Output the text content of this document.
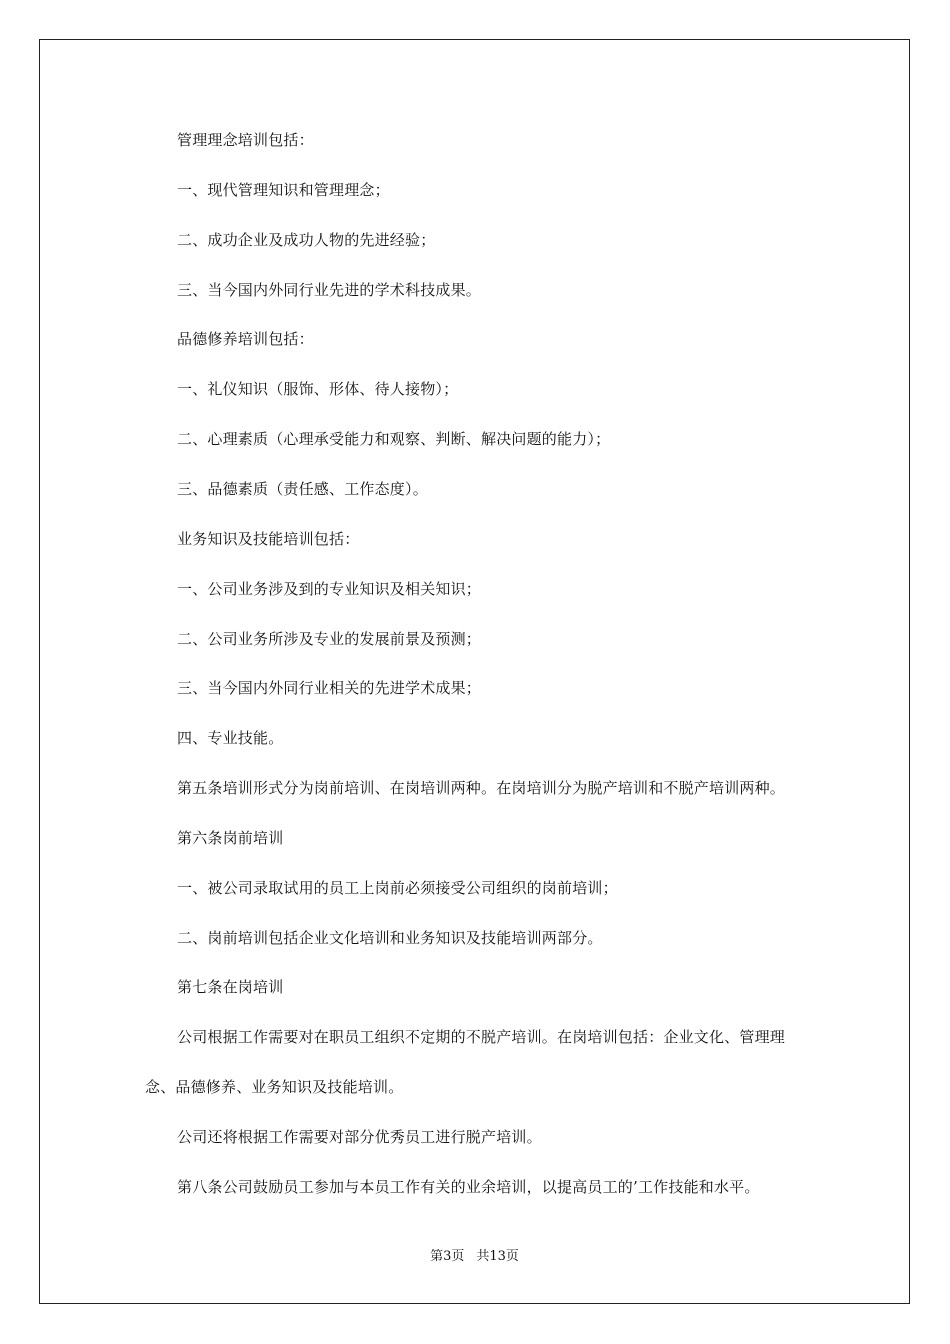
管理理念培训包括：
一、现代管理知识和管理理念；
二、成功企业及成功人物的先进经验；
三、当今国内外同行业先进的学术科技成果。
品德修养培训包括：
一、礼仪知识（服饰、形体、待人接物）；
二、心理素质（心理承受能力和观察、判断、解决问题的能力）；
三、品德素质（责任感、工作态度）。
业务知识及技能培训包括：
一、公司业务涉及到的专业知识及相关知识；
二、公司业务所涉及专业的发展前景及预测；
三、当今国内外同行业相关的先进学术成果；
四、专业技能。
第五条培训形式分为岗前培训、在岗培训两种。在岗培训分为脱产培训和不脱产培训两种。
第六条岗前培训
一、被公司录取试用的员工上岗前必须接受公司组织的岗前培训；
二、岗前培训包括企业文化培训和业务知识及技能培训两部分。
第七条在岗培训
公司根据工作需要对在职员工组织不定期的不脱产培训。在岗培训包括：企业文化、管理理
念、品德修养、业务知识及技能培训。
公司还将根据工作需要对部分优秀员工进行脱产培训。
第八条公司鼓励员工参加与本员工作有关的业余培训，以提高员工的’工作技能和水平。
第3页 共13页
